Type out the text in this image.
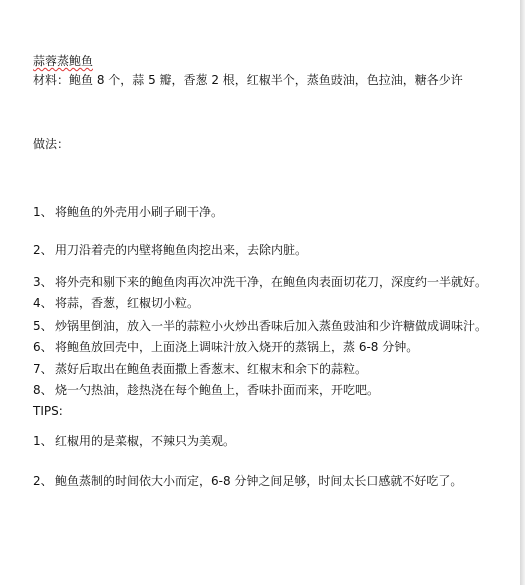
蒜蓉蒸鲍鱼
材料：鲍鱼 8 个，蒜 5 瓣，香葱 2 根，红椒半个，蒸鱼豉油，色拉油，糖各少许
做法：
1、 将鲍鱼的外壳用小刷子刷干净。
2、 用刀沿着壳的内壁将鲍鱼肉挖出来，去除内脏。
3、 将外壳和剔下来的鲍鱼肉再次冲洗干净，在鲍鱼肉表面切花刀，深度约一半就好。
4、 将蒜，香葱，红椒切小粒。
5、 炒锅里倒油，放入一半的蒜粒小火炒出香味后加入蒸鱼豉油和少许糖做成调味汁。
6、 将鲍鱼放回壳中，上面浇上调味汁放入烧开的蒸锅上，蒸 6-8 分钟。
7、 蒸好后取出在鲍鱼表面撒上香葱末、红椒末和余下的蒜粒。
8、 烧一勺热油，趁热浇在每个鲍鱼上，香味扑面而来，开吃吧。
TIPS:
1、 红椒用的是菜椒，不辣只为美观。
2、 鲍鱼蒸制的时间依大小而定，6-8 分钟之间足够，时间太长口感就不好吃了。
